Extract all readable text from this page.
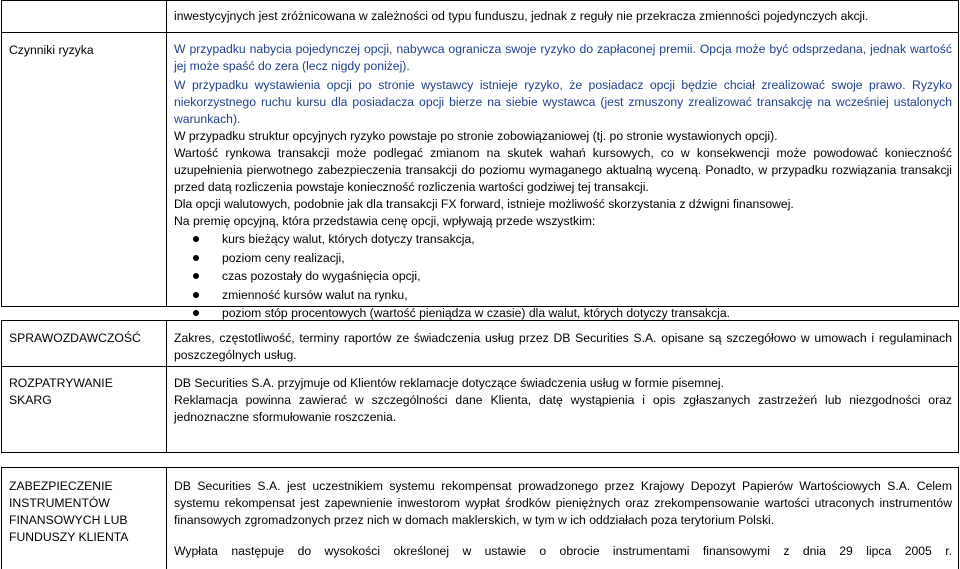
inwestycyjnych jest zróżnicowana w zależności od typu funduszu, jednak z reguły nie przekracza zmienności pojedynczych akcji.
Czynniki ryzyka	W przypadku nabycia pojedynczej opcji, nabywca ogranicza swoje ryzyko do zapłaconej premii. Opcja może być odsprzedana, jednak wartość jej może spaść do zera (lecz nigdy poniżej).

W przypadku wystawienia opcji po stronie wystawcy istnieje ryzyko, że posiadacz opcji będzie chciał zrealizować swoje prawo. Ryzyko niekorzystnego ruchu kursu dla posiadacza opcji bierze na siebie wystawca (jest zmuszony zrealizować transakcję na wcześniej ustalonych warunkach).

W przypadku struktur opcyjnych ryzyko powstaje po stronie zobowiązaniowej (tj. po stronie wystawionych opcji).

Wartość rynkowa transakcji może podlegać zmianom na skutek wahań kursowych, co w konsekwencji może powodować konieczność uzupełnienia pierwotnego zabezpieczenia transakcji do poziomu wymaganego aktualną wyceną. Ponadto, w przypadku rozwiązania transakcji przed datą rozliczenia powstaje konieczność rozliczenia wartości godziwej tej transakcji.

Dla opcji walutowych, podobnie jak dla transakcji FX forward, istnieje możliwość skorzystania z dźwigni finansowej.

Na premię opcyjną, która przedstawia cenę opcji, wpływają przede wszystkim:

kurs bieżący walut, których dotyczy transakcja,
poziom ceny realizacji,
czas pozostały do wygaśnięcia opcji,
zmienność kursów walut na rynku,
poziom stóp procentowych (wartość pieniądza w czasie) dla walut, których dotyczy transakcja.
SPRAWOZDAWCZOŚĆ	Zakres, częstotliwość, terminy raportów ze świadczenia usług przez DB Securities S.A. opisane są szczegółowo w umowach i regulaminach poszczególnych usług.

ROZPATRYWANIE
SKARG

DB Securities S.A. przyjmuje od Klientów reklamacje dotyczące świadczenia usług w formie pisemnej.

Reklamacja powinna zawierać w szczególności dane Klienta, datę wystąpienia i opis zgłaszanych zastrzeżeń lub niezgodności oraz jednoznaczne sformułowanie roszczenia.

ZABEZPIECZENIE
INSTRUMENTÓW
FINANSOWYCH LUB
FUNDUSZY KLIENTA

DB Securities S.A. jest uczestnikiem systemu rekompensat prowadzonego przez Krajowy Depozyt Papierów Wartościowych S.A. Celem systemu rekompensat jest zapewnienie inwestorom wypłat środków pieniężnych oraz zrekompensowanie wartości utraconych instrumentów finansowych zgromadzonych przez nich w domach maklerskich, w tym w ich oddziałach poza terytorium Polski.

Wypłata następuje do wysokości określonej w ustawie o obrocie instrumentami finansowymi z dnia 29 lipca 2005 r.
